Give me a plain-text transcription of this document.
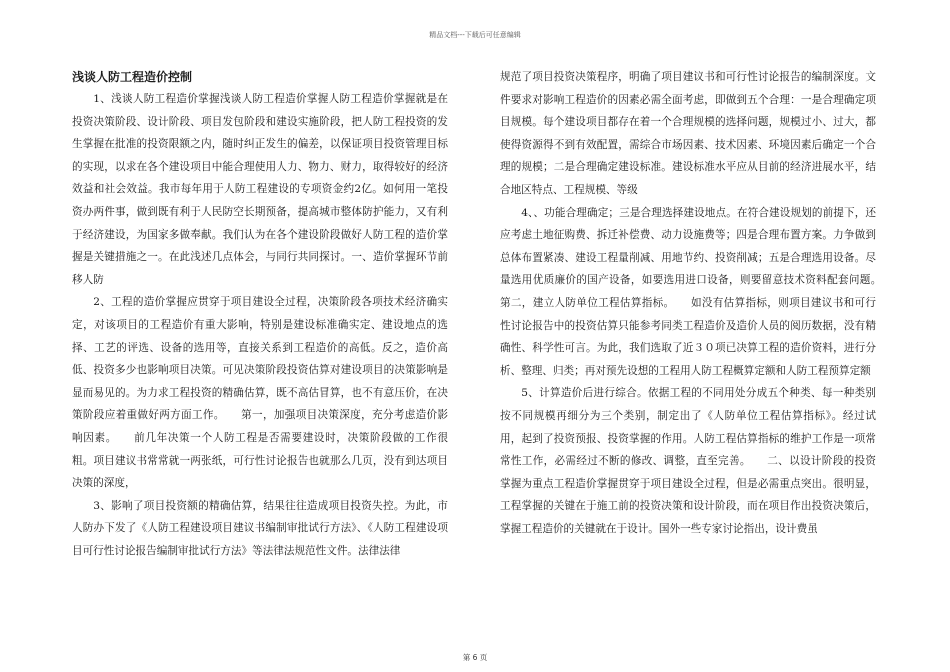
精品文档---下载后可任意编辑
浅谈人防工程造价控制

1、浅谈人防工程造价掌握浅谈人防工程造价掌握人防工程造价掌握就是在投资决策阶段、设计阶段、项目发包阶段和建设实施阶段，把人防工程投资的发生掌握在批准的投资限额之内，随时纠正发生的偏差，以保证项目投资管理目标的实现，以求在各个建设项目中能合理使用人力、物力、财力，取得较好的经济效益和社会效益。我市每年用于人防工程建设的专项资金约2亿。如何用一笔投资办两件事，做到既有利于人民防空长期预备，提高城市整体防护能力，又有利于经济建设，为国家多做奉献。我们认为在各个建设阶段做好人防工程的造价掌握是关键措施之一。在此浅述几点体会，与同行共同探讨。一、造价掌握环节前移人防

2、工程的造价掌握应贯穿于项目建设全过程，决策阶段各项技术经济确实定，对该项目的工程造价有重大影响，特别是建设标准确实定、建设地点的选择、工艺的评选、设备的选用等，直接关系到工程造价的高低。反之，造价高低、投资多少也影响项目决策。可见决策阶段投资估算对建设项目的决策影响是显而易见的。为力求工程投资的精确估算，既不高估冒算，也不有意压价，在决策阶段应着重做好两方面工作。　　第一，加强项目决策深度，充分考虑造价影响因素。　　前几年决策一个人防工程是否需要建设时，决策阶段做的工作很粗。项目建议书常常就一两张纸，可行性讨论报告也就那么几页，没有到达项目决策的深度，

3、影响了项目投资额的精确估算，结果往往造成项目投资失控。为此，市人防办下发了《人防工程建设项目建议书编制审批试行方法》、《人防工程建设项目可行性讨论报告编制审批试行方法》等法律法规范性文件。法律法律

规范了项目投资决策程序，明确了项目建议书和可行性讨论报告的编制深度。文件要求对影响工程造价的因素必需全面考虑，即做到五个合理：一是合理确定项目规模。每个建设项目都存在着一个合理规模的选择问题，规模过小、过大，都使得资源得不到有效配置，需综合市场因素、技术因素、环境因素后确定一个合理的规模；二是合理确定建设标准。建设标准水平应从目前的经济进展水平，结合地区特点、工程规模、等级

4、、功能合理确定；三是合理选择建设地点。在符合建设规划的前提下，还应考虑土地征购费、拆迁补偿费、动力设施费等；四是合理布置方案。力争做到总体布置紧凑、建设工程量削减、用地节约、投资削减；五是合理选用设备。尽量选用优质廉价的国产设备，如要选用进口设备，则要留意技术资料配套问题。　　第二，建立人防单位工程估算指标。　　如没有估算指标，则项目建议书和可行性讨论报告中的投资估算只能参考同类工程造价及造价人员的阅历数据，没有精确性、科学性可言。为此，我们选取了近３０项已决算工程的造价资料，进行分析、整理、归类；再对预先设想的工程用人防工程概算定额和人防工程预算定额

5、计算造价后进行综合。依据工程的不同用处分成五个种类、每一种类别按不同规模再细分为三个类别，制定出了《人防单位工程估算指标》。经过试用，起到了投资预报、投资掌握的作用。人防工程估算指标的维护工作是一项常常性工作，必需经过不断的修改、调整，直至完善。　　二、以设计阶段的投资掌握为重点工程造价掌握贯穿于项目建设全过程，但是必需重点突出。很明显，工程掌握的关键在于施工前的投资决策和设计阶段，而在项目作出投资决策后，掌握工程造价的关键就在于设计。国外一些专家讨论指出，设计费虽

第 6 页
